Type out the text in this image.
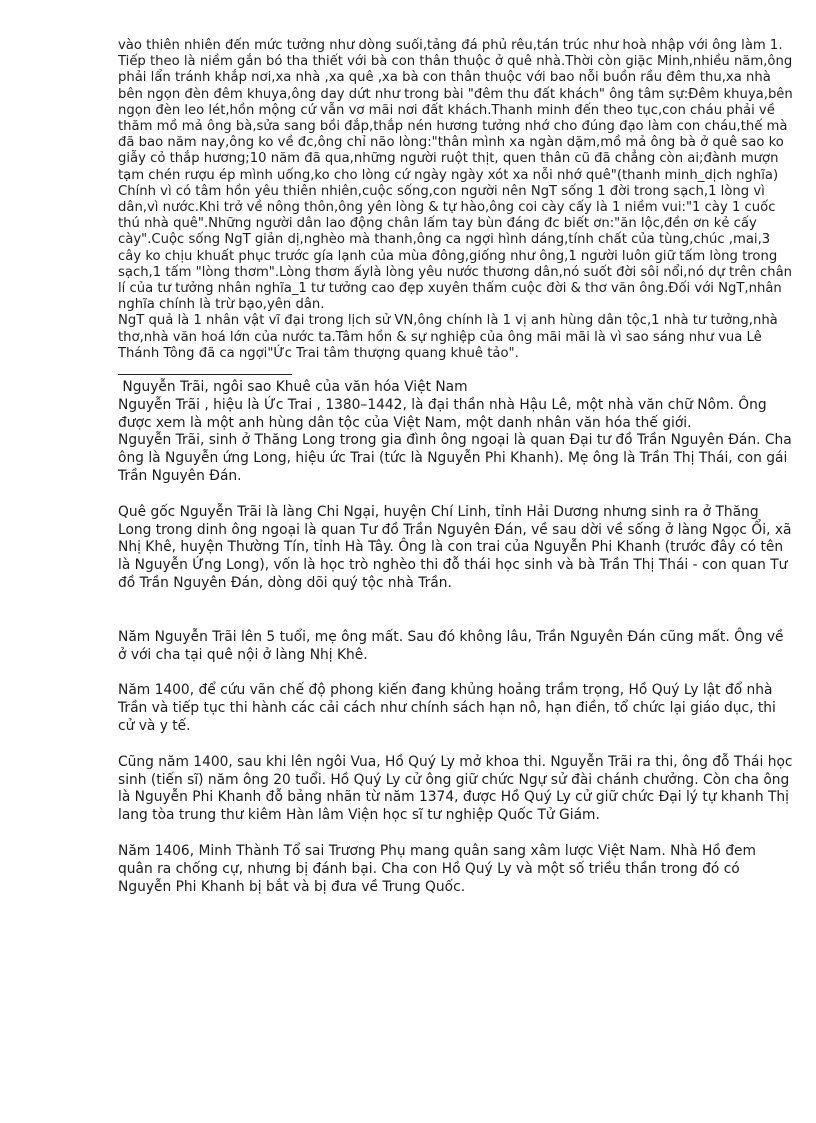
vào thiên nhiên đến mức tưởng như dòng suối,tảng đá phủ rêu,tán trúc như hoà nhập với ông làm 1.

Tiếp theo là niềm gắn bó tha thiết với bà con thân thuộc ở quê nhà.Thời còn giặc Minh,nhiều năm,ông phải lẩn tránh khắp nơi,xa nhà ,xa quê ,xa bà con thân thuộc với bao nỗi buồn rầu đêm thu,xa nhà bên ngọn đèn đêm khuya,ông day dứt như trong bài "đêm thu đất khách" ông tâm sự:Đêm khuya,bên ngọn đèn leo lét,hồn mộng cứ vẫn vơ mãi nơi đất khách.Thanh minh đến theo tục,con cháu phải về thăm mồ mả ông bà,sửa sang bồi đắp,thắp nén hương tưởng nhớ cho đúng đạo làm con cháu,thế mà đã bao năm nay,ông ko về đc,ông chỉ não lòng:"thân mình xa ngàn dặm,mồ mả ông bà ở quê sao ko giẫy cỏ thắp hương;10 năm đã qua,những người ruột thịt, quen thân cũ đã chẳng còn ai;đành mượn tạm chén rượu ép mình uống,ko cho lòng cứ ngày ngày xót xa nỗi nhớ quê"(thanh minh_dịch nghĩa)

Chính vì có tâm hồn yêu thiên nhiên,cuộc sống,con người nên NgT sống 1 đời trong sạch,1 lòng vì dân,vì nước.Khi trở về nông thôn,ông yên lòng & tự hào,ông coi cày cấy là 1 niềm vui:"1 cày 1 cuốc thú nhà quê".Những người dân lao động chân lấm tay bùn đáng đc biết ơn:"ăn lộc,đền ơn kẻ cấy cày".Cuộc sống NgT giản dị,nghèo mà thanh,ông ca ngợi hình dáng,tính chất của tùng,chúc ,mai,3 cây ko chịu khuất phục trước gía lạnh của mùa đông,giống như ông,1 người luôn giữ tấm lòng trong sạch,1 tấm "lòng thơm".Lòng thơm ấylà lòng yêu nước thương dân,nó suốt đời sôi nổi,nó dự trên chân lí của tư tưởng nhân nghĩa_1 tư tưởng cao đẹp xuyên thấm cuộc đời & thơ văn ông.Đối với NgT,nhân nghĩa chính là trừ bạo,yên dân.

NgT quả là 1 nhân vật vĩ đại trong lịch sử VN,ông chính là 1 vị anh hùng dân tộc,1 nhà tư tưởng,nhà thơ,nhà văn hoá lớn của nước ta.Tâm hồn & sự nghiệp của ông mãi mãi là vì sao sáng như vua Lê Thánh Tông đã ca ngợi"Ức Trai tâm thượng quang khuê tảo".

Nguyễn Trãi, ngôi sao Khuê của văn hóa Việt Nam

Nguyễn Trãi , hiệu là Ức Trai , 1380–1442, là đại thần nhà Hậu Lê, một nhà văn chữ Nôm. Ông được xem là một anh hùng dân tộc của Việt Nam, một danh nhân văn hóa thế giới.

Nguyễn Trãi, sinh ở Thăng Long trong gia đình ông ngoại là quan Đại tư đồ Trần Nguyên Đán. Cha ông là Nguyễn ứng Long, hiệu ức Trai (tức là Nguyễn Phi Khanh). Mẹ ông là Trần Thị Thái, con gái Trần Nguyên Đán.

Quê gốc Nguyễn Trãi là làng Chi Ngại, huyện Chí Linh, tỉnh Hải Dương nhưng sinh ra ở Thăng Long trong dinh ông ngoại là quan Tư đồ Trần Nguyên Đán, về sau dời về sống ở làng Ngọc Ổi, xã Nhị Khê, huyện Thường Tín, tỉnh Hà Tây. Ông là con trai của Nguyễn Phi Khanh (trước đây có tên là Nguyễn Ứng Long), vốn là học trò nghèo thi đỗ thái học sinh và bà Trần Thị Thái - con quan Tư đồ Trần Nguyên Đán, dòng dõi quý tộc nhà Trần.

Năm Nguyễn Trãi lên 5 tuổi, mẹ ông mất. Sau đó không lâu, Trần Nguyên Đán cũng mất. Ông về ở với cha tại quê nội ở làng Nhị Khê.

Năm 1400, để cứu vãn chế độ phong kiến đang khủng hoảng trầm trọng, Hồ Quý Ly lật đổ nhà Trần và tiếp tục thi hành các cải cách như chính sách hạn nô, hạn điền, tổ chức lại giáo dục, thi cử và y tế.

Cũng năm 1400, sau khi lên ngôi Vua, Hồ Quý Ly mở khoa thi. Nguyễn Trãi ra thi, ông đỗ Thái học sinh (tiến sĩ) năm ông 20 tuổi. Hồ Quý Ly cử ông giữ chức Ngự sử đài chánh chưởng. Còn cha ông là Nguyễn Phi Khanh đỗ bảng nhãn từ năm 1374, được Hồ Quý Ly cử giữ chức Đại lý tự khanh Thị lang tòa trung thư kiêm Hàn lâm Viện học sĩ tư nghiệp Quốc Tử Giám.

Năm 1406, Minh Thành Tổ sai Trương Phụ mang quân sang xâm lược Việt Nam. Nhà Hồ đem quân ra chống cự, nhưng bị đánh bại. Cha con Hồ Quý Ly và một số triều thần trong đó có Nguyễn Phi Khanh bị bắt và bị đưa về Trung Quốc.
